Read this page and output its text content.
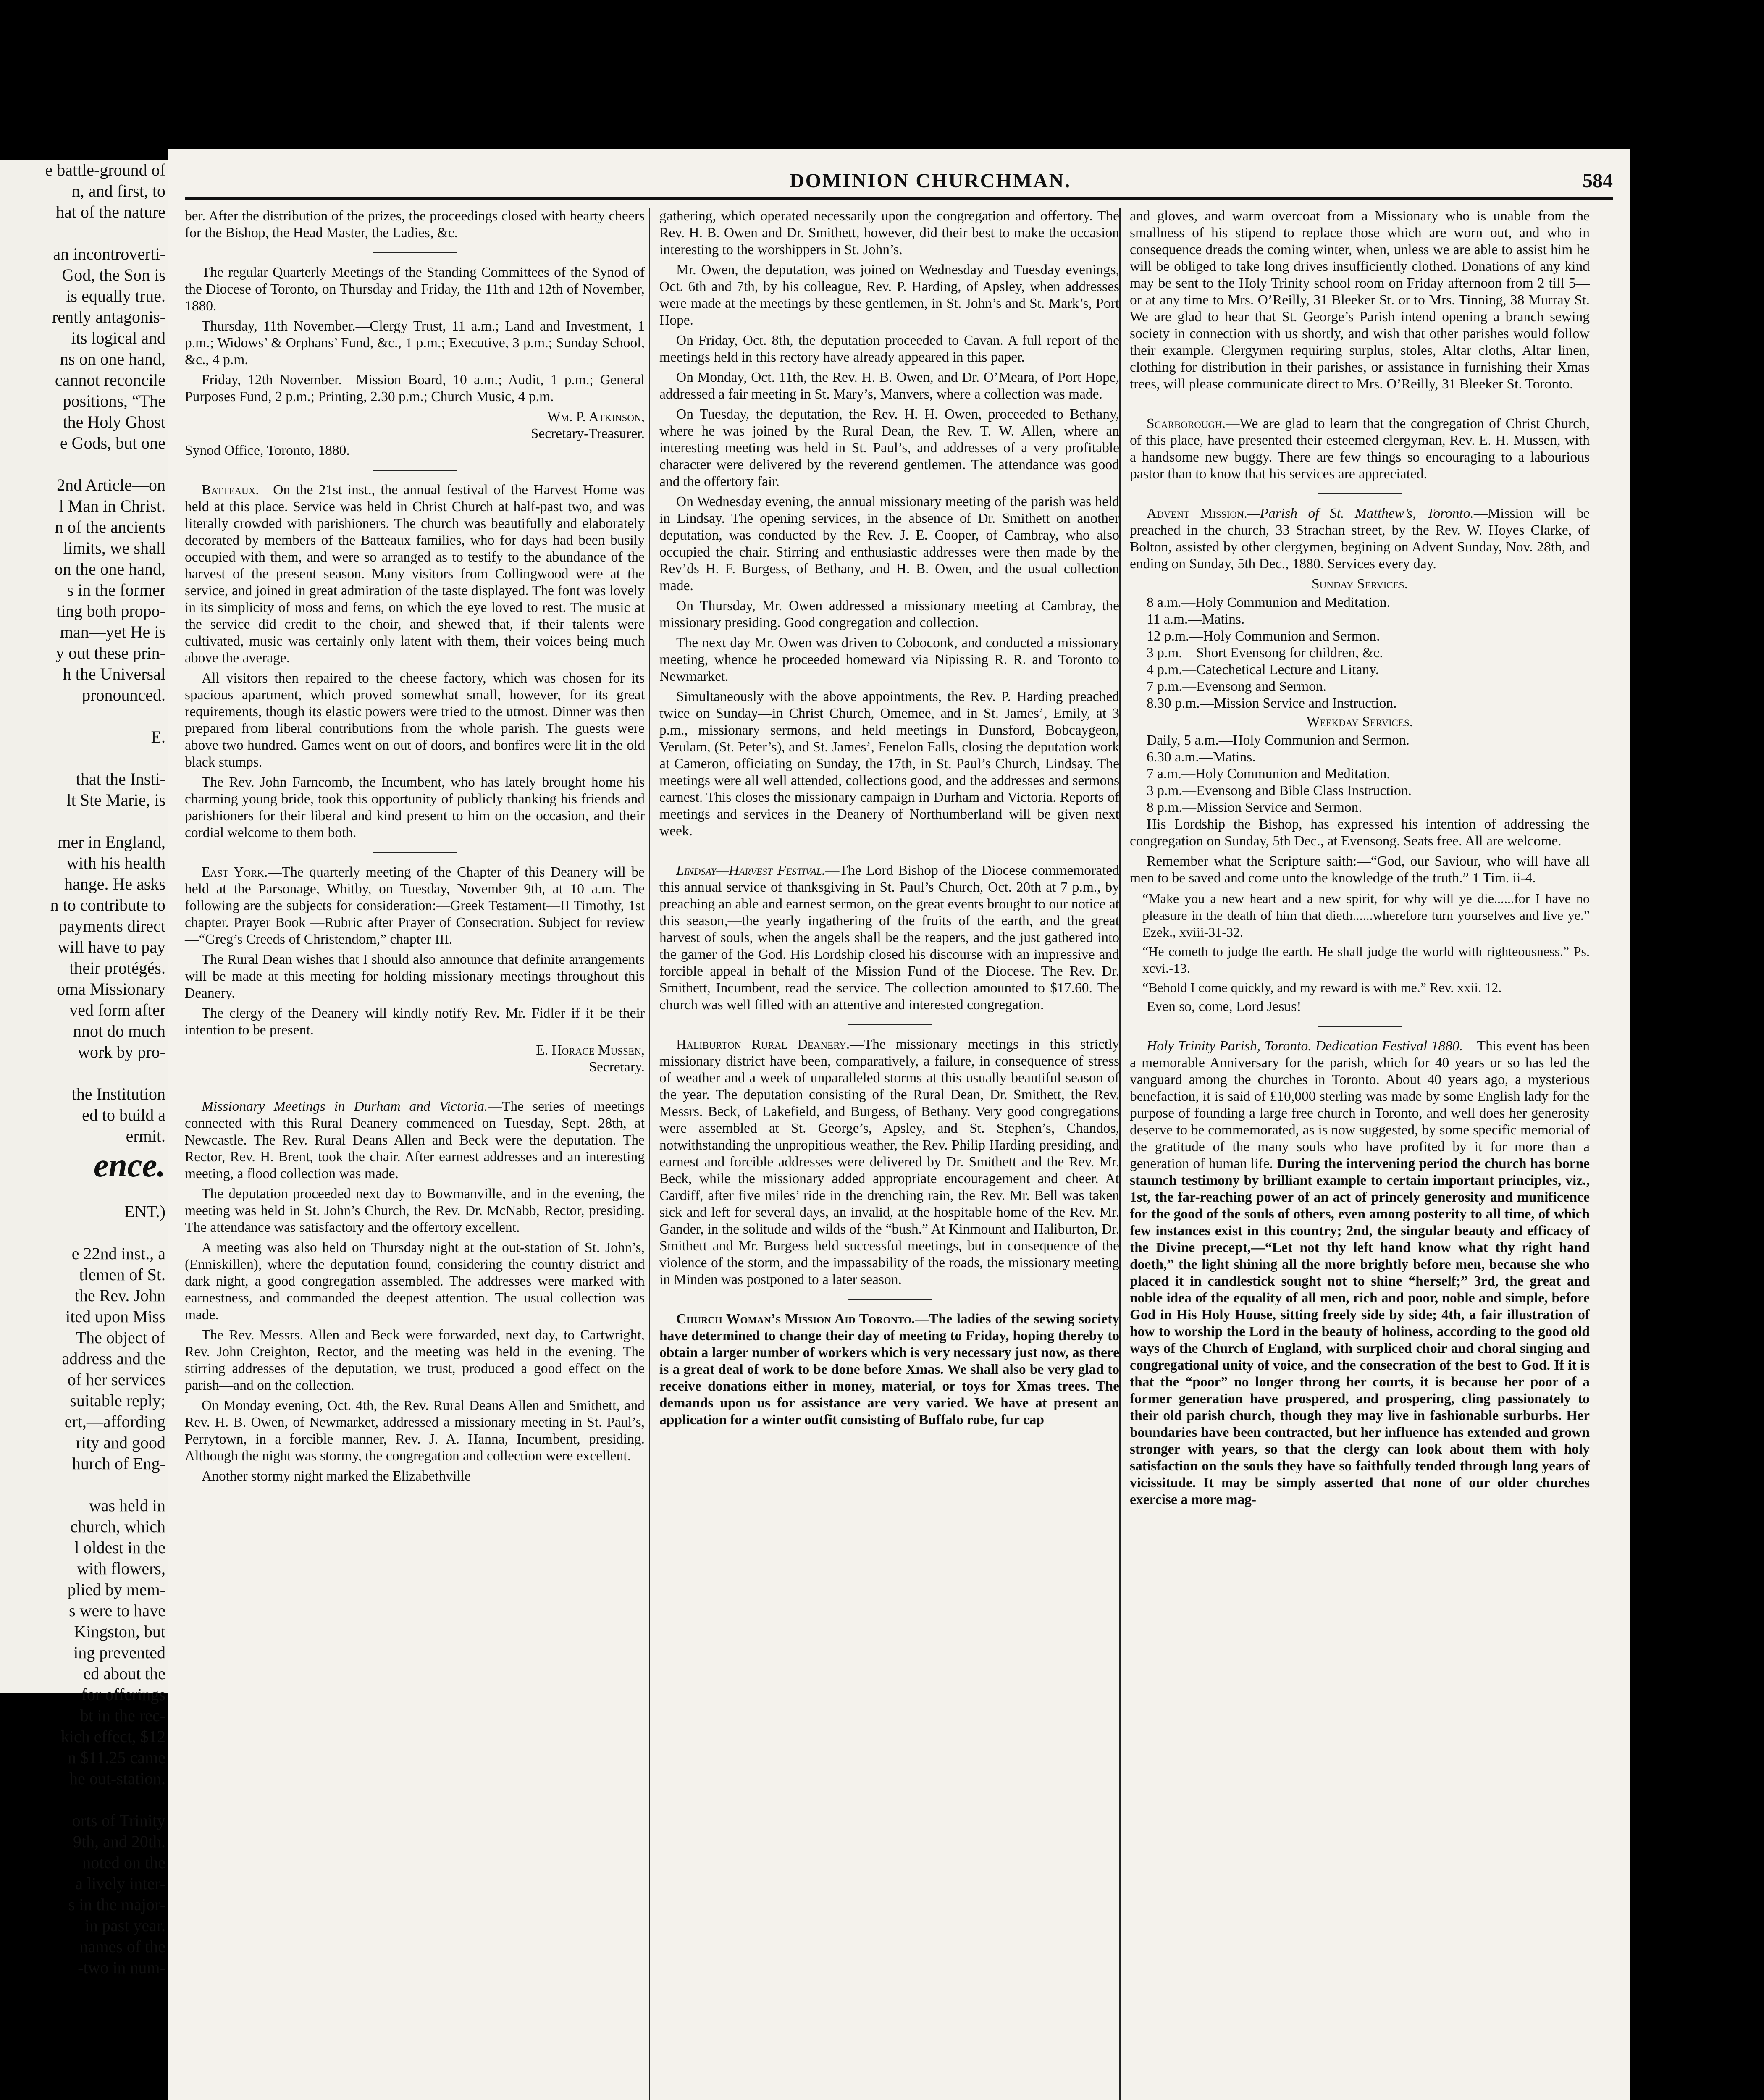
e battle-ground of
n, and first, to
hat of the nature
an incontroverti-
God, the Son is
is equally true.
rently antagonis-
its logical and
ns on one hand,
cannot reconcile
positions, “The
the Holy Ghost
e Gods, but one
2nd Article—on
l Man in Christ.
n of the ancients
limits, we shall
on the one hand,
s in the former
ting both propo-
man—yet He is
y out these prin-
h the Universal
pronounced.
E.
that the Insti-
lt Ste Marie, is
mer in England,
with his health
hange. He asks
n to contribute to
payments direct
will have to pay
their protégés.
oma Missionary
ved form after
nnot do much
work by pro-
the Institution
ed to build a
ermit.
ence.
ENT.)
e 22nd inst., a
tlemen of St.
the Rev. John
ited upon Miss
The object of
address and the
of her services
suitable reply;
ert,—affording
rity and good
hurch of Eng-
was held in
church, which
l oldest in the
with flowers,
plied by mem-
s were to have
Kingston, but
ing prevented
ed about the
for offerings
bt in the rec-
kich effect, $12
n $11.25 came
he out-station.
orts of Trinity
9th, and 20th.
noted on the
a lively inter-
s in the major-
in past year.
names of the
-two in num-
DOMINION CHURCHMAN.	584

ber. After the distribution of the prizes, the proceedings closed with hearty cheers for the Bishop, the Head Master, the Ladies, &c.

The regular Quarterly Meetings of the Standing Committees of the Synod of the Diocese of Toronto, on Thursday and Friday, the 11th and 12th of November, 1880.

Thursday, 11th November.—Clergy Trust, 11 a.m.; Land and Investment, 1 p.m.; Widows’ & Orphans’ Fund, &c., 1 p.m.; Executive, 3 p.m.; Sunday School, &c., 4 p.m.

Friday, 12th November.—Mission Board, 10 a.m.; Audit, 1 p.m.; General Purposes Fund, 2 p.m.; Printing, 2.30 p.m.; Church Music, 4 p.m.

Wm. P. Atkinson,

Secretary-Treasurer.

Synod Office, Toronto, 1880.

Batteaux.—On the 21st inst., the annual festival of the Harvest Home was held at this place. Service was held in Christ Church at half-past two, and was literally crowded with parishioners. The church was beautifully and elaborately decorated by members of the Batteaux families, who for days had been busily occupied with them, and were so arranged as to testify to the abundance of the harvest of the present season. Many visitors from Collingwood were at the service, and joined in great admiration of the taste displayed. The font was lovely in its simplicity of moss and ferns, on which the eye loved to rest. The music at the service did credit to the choir, and shewed that, if their talents were cultivated, music was certainly only latent with them, their voices being much above the average.

All visitors then repaired to the cheese factory, which was chosen for its spacious apartment, which proved somewhat small, however, for its great requirements, though its elastic powers were tried to the utmost. Dinner was then prepared from liberal contributions from the whole parish. The guests were above two hundred. Games went on out of doors, and bonfires were lit in the old black stumps.

The Rev. John Farncomb, the Incumbent, who has lately brought home his charming young bride, took this opportunity of publicly thanking his friends and parishioners for their liberal and kind present to him on the occasion, and their cordial welcome to them both.

East York.—The quarterly meeting of the Chapter of this Deanery will be held at the Parsonage, Whitby, on Tuesday, November 9th, at 10 a.m. The following are the subjects for consideration:—Greek Testament—II Timothy, 1st chapter. Prayer Book —Rubric after Prayer of Consecration. Subject for review—“Greg’s Creeds of Christendom,” chapter III.

The Rural Dean wishes that I should also announce that definite arrangements will be made at this meeting for holding missionary meetings throughout this Deanery.

The clergy of the Deanery will kindly notify Rev. Mr. Fidler if it be their intention to be present.

E. Horace Mussen,

Secretary.

Missionary Meetings in Durham and Victoria.—The series of meetings connected with this Rural Deanery commenced on Tuesday, Sept. 28th, at Newcastle. The Rev. Rural Deans Allen and Beck were the deputation. The Rector, Rev. H. Brent, took the chair. After earnest addresses and an interesting meeting, a flood collection was made.

The deputation proceeded next day to Bowmanville, and in the evening, the meeting was held in St. John’s Church, the Rev. Dr. McNabb, Rector, presiding. The attendance was satisfactory and the offertory excellent.

A meeting was also held on Thursday night at the out-station of St. John’s, (Enniskillen), where the deputation found, considering the country district and dark night, a good congregation assembled. The addresses were marked with earnestness, and commanded the deepest attention. The usual collection was made.

The Rev. Messrs. Allen and Beck were forwarded, next day, to Cartwright, Rev. John Creighton, Rector, and the meeting was held in the evening. The stirring addresses of the deputation, we trust, produced a good effect on the parish—and on the collection.

On Monday evening, Oct. 4th, the Rev. Rural Deans Allen and Smithett, and Rev. H. B. Owen, of Newmarket, addressed a missionary meeting in St. Paul’s, Perrytown, in a forcible manner, Rev. J. A. Hanna, Incumbent, presiding. Although the night was stormy, the congregation and collection were excellent.

Another stormy night marked the Elizabethville

gathering, which operated necessarily upon the congregation and offertory. The Rev. H. B. Owen and Dr. Smithett, however, did their best to make the occasion interesting to the worshippers in St. John’s.

Mr. Owen, the deputation, was joined on Wednesday and Tuesday evenings, Oct. 6th and 7th, by his colleague, Rev. P. Harding, of Apsley, when addresses were made at the meetings by these gentlemen, in St. John’s and St. Mark’s, Port Hope.

On Friday, Oct. 8th, the deputation proceeded to Cavan. A full report of the meetings held in this rectory have already appeared in this paper.

On Monday, Oct. 11th, the Rev. H. B. Owen, and Dr. O’Meara, of Port Hope, addressed a fair meeting in St. Mary’s, Manvers, where a collection was made.

On Tuesday, the deputation, the Rev. H. H. Owen, proceeded to Bethany, where he was joined by the Rural Dean, the Rev. T. W. Allen, where an interesting meeting was held in St. Paul’s, and addresses of a very profitable character were delivered by the reverend gentlemen. The attendance was good and the offertory fair.

On Wednesday evening, the annual missionary meeting of the parish was held in Lindsay. The opening services, in the absence of Dr. Smithett on another deputation, was conducted by the Rev. J. E. Cooper, of Cambray, who also occupied the chair. Stirring and enthusiastic addresses were then made by the Rev’ds H. F. Burgess, of Bethany, and H. B. Owen, and the usual collection made.

On Thursday, Mr. Owen addressed a missionary meeting at Cambray, the missionary presiding. Good congregation and collection.

The next day Mr. Owen was driven to Coboconk, and conducted a missionary meeting, whence he proceeded homeward via Nipissing R. R. and Toronto to Newmarket.

Simultaneously with the above appointments, the Rev. P. Harding preached twice on Sunday—in Christ Church, Omemee, and in St. James’, Emily, at 3 p.m., missionary sermons, and held meetings in Dunsford, Bobcaygeon, Verulam, (St. Peter’s), and St. James’, Fenelon Falls, closing the deputation work at Cameron, officiating on Sunday, the 17th, in St. Paul’s Church, Lindsay. The meetings were all well attended, collections good, and the addresses and sermons earnest. This closes the missionary campaign in Durham and Victoria. Reports of meetings and services in the Deanery of Northumberland will be given next week.

Lindsay—Harvest Festival.—The Lord Bishop of the Diocese commemorated this annual service of thanksgiving in St. Paul’s Church, Oct. 20th at 7 p.m., by preaching an able and earnest sermon, on the great events brought to our notice at this season,—the yearly ingathering of the fruits of the earth, and the great harvest of souls, when the angels shall be the reapers, and the just gathered into the garner of the God. His Lordship closed his discourse with an impressive and forcible appeal in behalf of the Mission Fund of the Diocese. The Rev. Dr. Smithett, Incumbent, read the service. The collection amounted to $17.60. The church was well filled with an attentive and interested congregation.

Haliburton Rural Deanery.—The missionary meetings in this strictly missionary district have been, comparatively, a failure, in consequence of stress of weather and a week of unparalleled storms at this usually beautiful season of the year. The deputation consisting of the Rural Dean, Dr. Smithett, the Rev. Messrs. Beck, of Lakefield, and Burgess, of Bethany. Very good congregations were assembled at St. George’s, Apsley, and St. Stephen’s, Chandos, notwithstanding the unpropitious weather, the Rev. Philip Harding presiding, and earnest and forcible addresses were delivered by Dr. Smithett and the Rev. Mr. Beck, while the missionary added appropriate encouragement and cheer. At Cardiff, after five miles’ ride in the drenching rain, the Rev. Mr. Bell was taken sick and left for several days, an invalid, at the hospitable home of the Rev. Mr. Gander, in the solitude and wilds of the “bush.” At Kinmount and Haliburton, Dr. Smithett and Mr. Burgess held successful meetings, but in consequence of the violence of the storm, and the impassability of the roads, the missionary meeting in Minden was postponed to a later season.

Church Woman’s Mission Aid Toronto.—The ladies of the sewing society have determined to change their day of meeting to Friday, hoping thereby to obtain a larger number of workers which is very necessary just now, as there is a great deal of work to be done before Xmas. We shall also be very glad to receive donations either in money, material, or toys for Xmas trees. The demands upon us for assistance are very varied. We have at present an application for a winter outfit consisting of Buffalo robe, fur cap

and gloves, and warm overcoat from a Missionary who is unable from the smallness of his stipend to replace those which are worn out, and who in consequence dreads the coming winter, when, unless we are able to assist him he will be obliged to take long drives insufficiently clothed. Donations of any kind may be sent to the Holy Trinity school room on Friday afternoon from 2 till 5—or at any time to Mrs. O’Reilly, 31 Bleeker St. or to Mrs. Tinning, 38 Murray St. We are glad to hear that St. George’s Parish intend opening a branch sewing society in connection with us shortly, and wish that other parishes would follow their example. Clergymen requiring surplus, stoles, Altar cloths, Altar linen, clothing for distribution in their parishes, or assistance in furnishing their Xmas trees, will please communicate direct to Mrs. O’Reilly, 31 Bleeker St. Toronto.

Scarborough.—We are glad to learn that the congregation of Christ Church, of this place, have presented their esteemed clergyman, Rev. E. H. Mussen, with a handsome new buggy. There are few things so encouraging to a labourious pastor than to know that his services are appreciated.

Advent Mission.—Parish of St. Matthew’s, Toronto.—Mission will be preached in the church, 33 Strachan street, by the Rev. W. Hoyes Clarke, of Bolton, assisted by other clergymen, begining on Advent Sunday, Nov. 28th, and ending on Sunday, 5th Dec., 1880. Services every day.

Sunday Services.

8 a.m.—Holy Communion and Meditation.

11 a.m.—Matins.

12 p.m.—Holy Communion and Sermon.

3 p.m.—Short Evensong for children, &c.

4 p.m.—Catechetical Lecture and Litany.

7 p.m.—Evensong and Sermon.

8.30 p.m.—Mission Service and Instruction.

Weekday Services.

Daily, 5 a.m.—Holy Communion and Sermon.

6.30 a.m.—Matins.

7 a.m.—Holy Communion and Meditation.

3 p.m.—Evensong and Bible Class Instruction.

8 p.m.—Mission Service and Sermon.

His Lordship the Bishop, has expressed his intention of addressing the congregation on Sunday, 5th Dec., at Evensong. Seats free. All are welcome.

Remember what the Scripture saith:—“God, our Saviour, who will have all men to be saved and come unto the knowledge of the truth.” 1 Tim. ii-4.

“Make you a new heart and a new spirit, for why will ye die......for I have no pleasure in the death of him that dieth......wherefore turn yourselves and live ye.” Ezek., xviii-31-32.

“He cometh to judge the earth. He shall judge the world with righteousness.” Ps. xcvi.-13.

“Behold I come quickly, and my reward is with me.” Rev. xxii. 12.

Even so, come, Lord Jesus!

Holy Trinity Parish, Toronto. Dedication Festival 1880.—This event has been a memorable Anniversary for the parish, which for 40 years or so has led the vanguard among the churches in Toronto. About 40 years ago, a mysterious benefaction, it is said of £10,000 sterling was made by some English lady for the purpose of founding a large free church in Toronto, and well does her generosity deserve to be commemorated, as is now suggested, by some specific memorial of the gratitude of the many souls who have profited by it for more than a generation of human life. During the intervening period the church has borne staunch testimony by brilliant example to certain important principles, viz., 1st, the far-reaching power of an act of princely generosity and munificence for the good of the souls of others, even among posterity to all time, of which few instances exist in this country; 2nd, the singular beauty and efficacy of the Divine precept,—“Let not thy left hand know what thy right hand doeth,” the light shining all the more brightly before men, because she who placed it in candlestick sought not to shine “herself;” 3rd, the great and noble idea of the equality of all men, rich and poor, noble and simple, before God in His Holy House, sitting freely side by side; 4th, a fair illustration of how to worship the Lord in the beauty of holiness, according to the good old ways of the Church of England, with surpliced choir and choral singing and congregational unity of voice, and the consecration of the best to God. If it is that the “poor” no longer throng her courts, it is because her poor of a former generation have prospered, and prospering, cling passionately to their old parish church, though they may live in fashionable surburbs. Her boundaries have been contracted, but her influence has extended and grown stronger with years, so that the clergy can look about them with holy satisfaction on the souls they have so faithfully tended through long years of vicissitude. It may be simply asserted that none of our older churches exercise a more mag-
